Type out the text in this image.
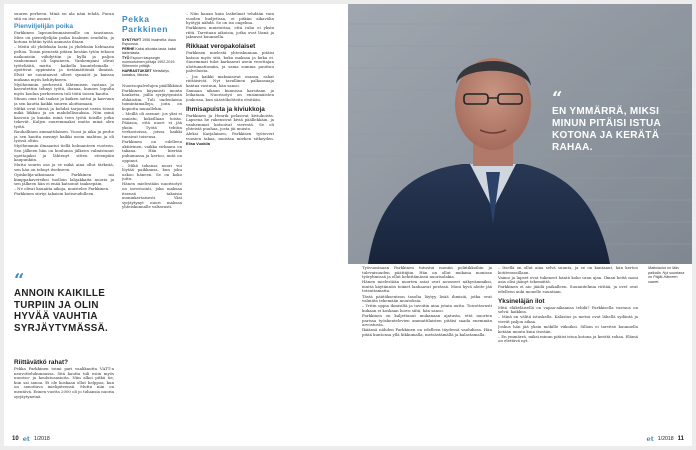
suuren perheen. Minä en ala näin tehdä. Puran sitä en itse asunut.

Pienviljelijän poika

Parkkinen lapsuudenmaisemille on taustansa. Mies on pienviljelijän poika Iisalmen seudulta, ja kotona tehtiin työtä aamusta iltaan.

– Meitä oli yhdeksän lasta ja yhdeksän hehtaaria peltoa. Toisin pienestä pitäen kesään tytön tekoon naikoaisiin viihdyttiin ja kyllä ja paljon vanhemmat oli lapsineen. Vanhempani olivat työteliäitä, mutta - kaikella kuuntelemalla - opettivat oppimista ja tietämättömiä ihmisiä. Elvät ne suuntaavat olleet synnäöt ja kanssa mukana myös kehitykseen.

Myöhemmin perheestä lähtemisen vastaus jo kasvatettiin tehnyt työtä, ihanaa, kunnes lopulta myös koulun perheeseen tuli töitä toisen kautta.

Minun oma tuli taakse ja kaiken sattui ja kasvuun ja sen kautta kaikki suuren aloittamaan.

Mitkä ovat töissä ja kohdat tarjoavat usein töissä mikä liikkuu ja on mahdollisuuksia. Niin minä kasvoin ja kuinka minä teen työtä toisille jotka tekevät. Kuljen suuremmaksi mutta minä olen työtä.

Rauhallinen ammattilainen. Vuosi ja aika ja perhe ja sen kautta mennyt kaikki usein mahtuu ja eli työssä oltiin.

Myöhemmin ilmaantui tiellä kolmanteen vuoteen. Sen jälkeen hän on koulunsa jälkeen valmistunut opettajaksi ja lähtenyt sitten eteenpäin kaupunkiin.

Mutta suurin osa ja se mikä aina ollut tärkeää, sen hän on tehnyt itsekseen.

Opiskelija-aikoinaan Parkkinen sai kimppakavereiksi tuolloin lahjakkaita nuoria ja sen jälkeen hän ei enää katsonut taaksepäin.

– Ne olivat kauniita aikoja, muistelee Parkkinen.

Parkkinen siirtyi takaisin kotiseudulleen.

“
ANNOIN KAIKILLE TURPIIN JA OLIN HYVÄÄ VAUHTIA SYRJÄYTYMÄSSÄ.
Riittävätkö rahat?

Pekka Parkkinen toimi pari vaalikautta VATT:n neuvottelukunnassa. Sitä kautta tuli esiin myös nuoriso- ja koulutusasioita. Niin alkoi pitkä tie, kun sai sanoa. Ei ole koskaan ollut helppoa, kun on sanottava mielipiteensä. Mutta niin on mentävä. Ennen vuotta 2000 oli jo tuhansia nuoria syrjäytyneinä.

Pekka Parkkinen

SYNTYNYT 1956 Iisalmella. Asuu Espoossa.

PERHE Kaksi aikuista lasta, kaksi lastenlasta.

TYÖ Espoon kaupungin nuorisotoimen johtaja 1992-2019. Sittemmin yrittäjä.

HARRASTUKSET Metsästys, kalastus, liikunta.

Nuorisopalvelujen päällikkönä Parkkinen käynnisti monta hanketta, joilla syrjäytymistä ehkäistiin. Tuli uudenlaisia toimintamalleja, joita on kopioitu muuallekin.

– Meillä oli asenne: jos yksi ei onnistu, kokeillaan toista. Pääasia, että nuori ei jää yksin. Työtä tehtiin verkostoissa, joissa kaikki tunsivat toisensa.

Parkkinen on edelleen aktiivinen, vaikka virkaura on takana. Hän kiertää puhumassa ja kertoo, mitä on oppinut.

– Mikä tahansa nuori voi löytää paikkansa, kun joku uskoo häneen. Se on koko juttu.

Hänen mielestään nuorisotyö on investointi, joka maksaa itsensä takaisin moninkertaisesti. Yksi syrjäytynyt nuori maksaa yhteiskunnalle valtavasti.

– Niin kauan kuin laskelmat tehdään vain vuoden budjetissa, ei pitkän aikavälin hyötyjä nähdä. Se on iso ongelma.

Parkkinen muistuttaa, että raha ei yksin riitä. Tarvitaan aikuisia, jotka ovat läsnä ja jaksavat kuunnella.

Rikkaat veropakolaiset

Parkkisen mielestä yhteiskunnan pitäisi katsoa myös sitä, kuka maksaa ja kuka ei. Suurimmat tulot karkaavat usein verottajan ulottumattomiin, ja sama summa puuttuu palveluista.

– Jos kaikki maksaisivat osansa, rahat riittäisivät. Nyt tavallinen palkansaaja kantaa vastuun, hän sanoo.

Samaan aikaan kunnissa karsitaan ja leikataan. Nuorisotyö on ensimmäisten joukossa, kun säästökohteita etsitään.

Ihmisapuista ja kiviukkoja

Parkkinen ja Henrik pelasivat kiviukoista. Lapsena he rakensivat kiviä päällekkäin, ja vanhemmat katsoivat vierestä. Se oli yhteistä puuhaa, josta jäi muisto.

Aleksi Karjalainen, Parkkisen työtoveri vuosien takaa, muistaa miehen sitkeyden. Elisa Vuokila

10 et 1/2018
“
EN YMMÄRRÄ, MIKSI MINUN PITÄISI ISTUA KOTONA JA KERÄTÄ RAHAA.
Mattolaulut on lääs paikalla. Nyt suuntana on Päijät-Hämeen saaret.

Työvuosinaan Parkkinen tutustui moniin poliitikkoihin ja tulevaisuuden päättäjiin. Hän on ollut mukana monissa työryhmissä ja ollut kehittämässä nuorisolakia.

Hänen mielestään nuorten asiat ovat nousseet näkyvämmiksi, mutta käytännön toimet laahaavat perässä. Moni hyvä aloite jää toteuttamatta.

Tästä päätöksenteon tasolta löytyy lisää ihmisiä, jotka ovat valmiita tekemään muutoksia.

– Yritin oppia ihmisiltä ja tavoitin aina jotain uutta. Toivottavasti kukaan ei koskaan luovu siitä, hän sanoo.

Parkkinen on kuljettanut mukanaan ajatusta, että nuorten parissa työskentelevien ammattilaisten pitäisi saada enemmän arvostusta.

Ikäänsä nähden Parkkinen on edelleen täydessä vauhdissa. Hän pitää kuntonsa yllä liikkumalla, metsästämällä ja kalastamalla.

– Itsellä on ollut aina selvä suunta, ja se on kantanut, hän kertoo kotiterassillaan.

Vaimo ja lapset ovat tukeneet häntä koko uran ajan. Ilman heitä moni asia olisi jäänyt tekemättä.

Parkkinen ei aio jäädä paikalleen. Suunnitelmia riittää, ja ovet ovat edelleen auki monelle suuntaan.

Yksineläjän ilot

Mitä eläkeläisellä on vapaa-aikaansa tehdä? Parkkisella vastaus on selvä: kaikkea.

– Minä en välitä istuskella. Kalastus ja metsä ovat lähellä sydäntä ja vievät paljon aikaa.

Joskus hän jää yksin mökille viikoiksi. Silloin ei tarvitse kuunnella ketään muuta kuin itseään.

– En ymmärrä, miksi minun pitäisi istua kotona ja kerätä rahaa. Elämä on elettävä nyt.

et 1/2018 11
